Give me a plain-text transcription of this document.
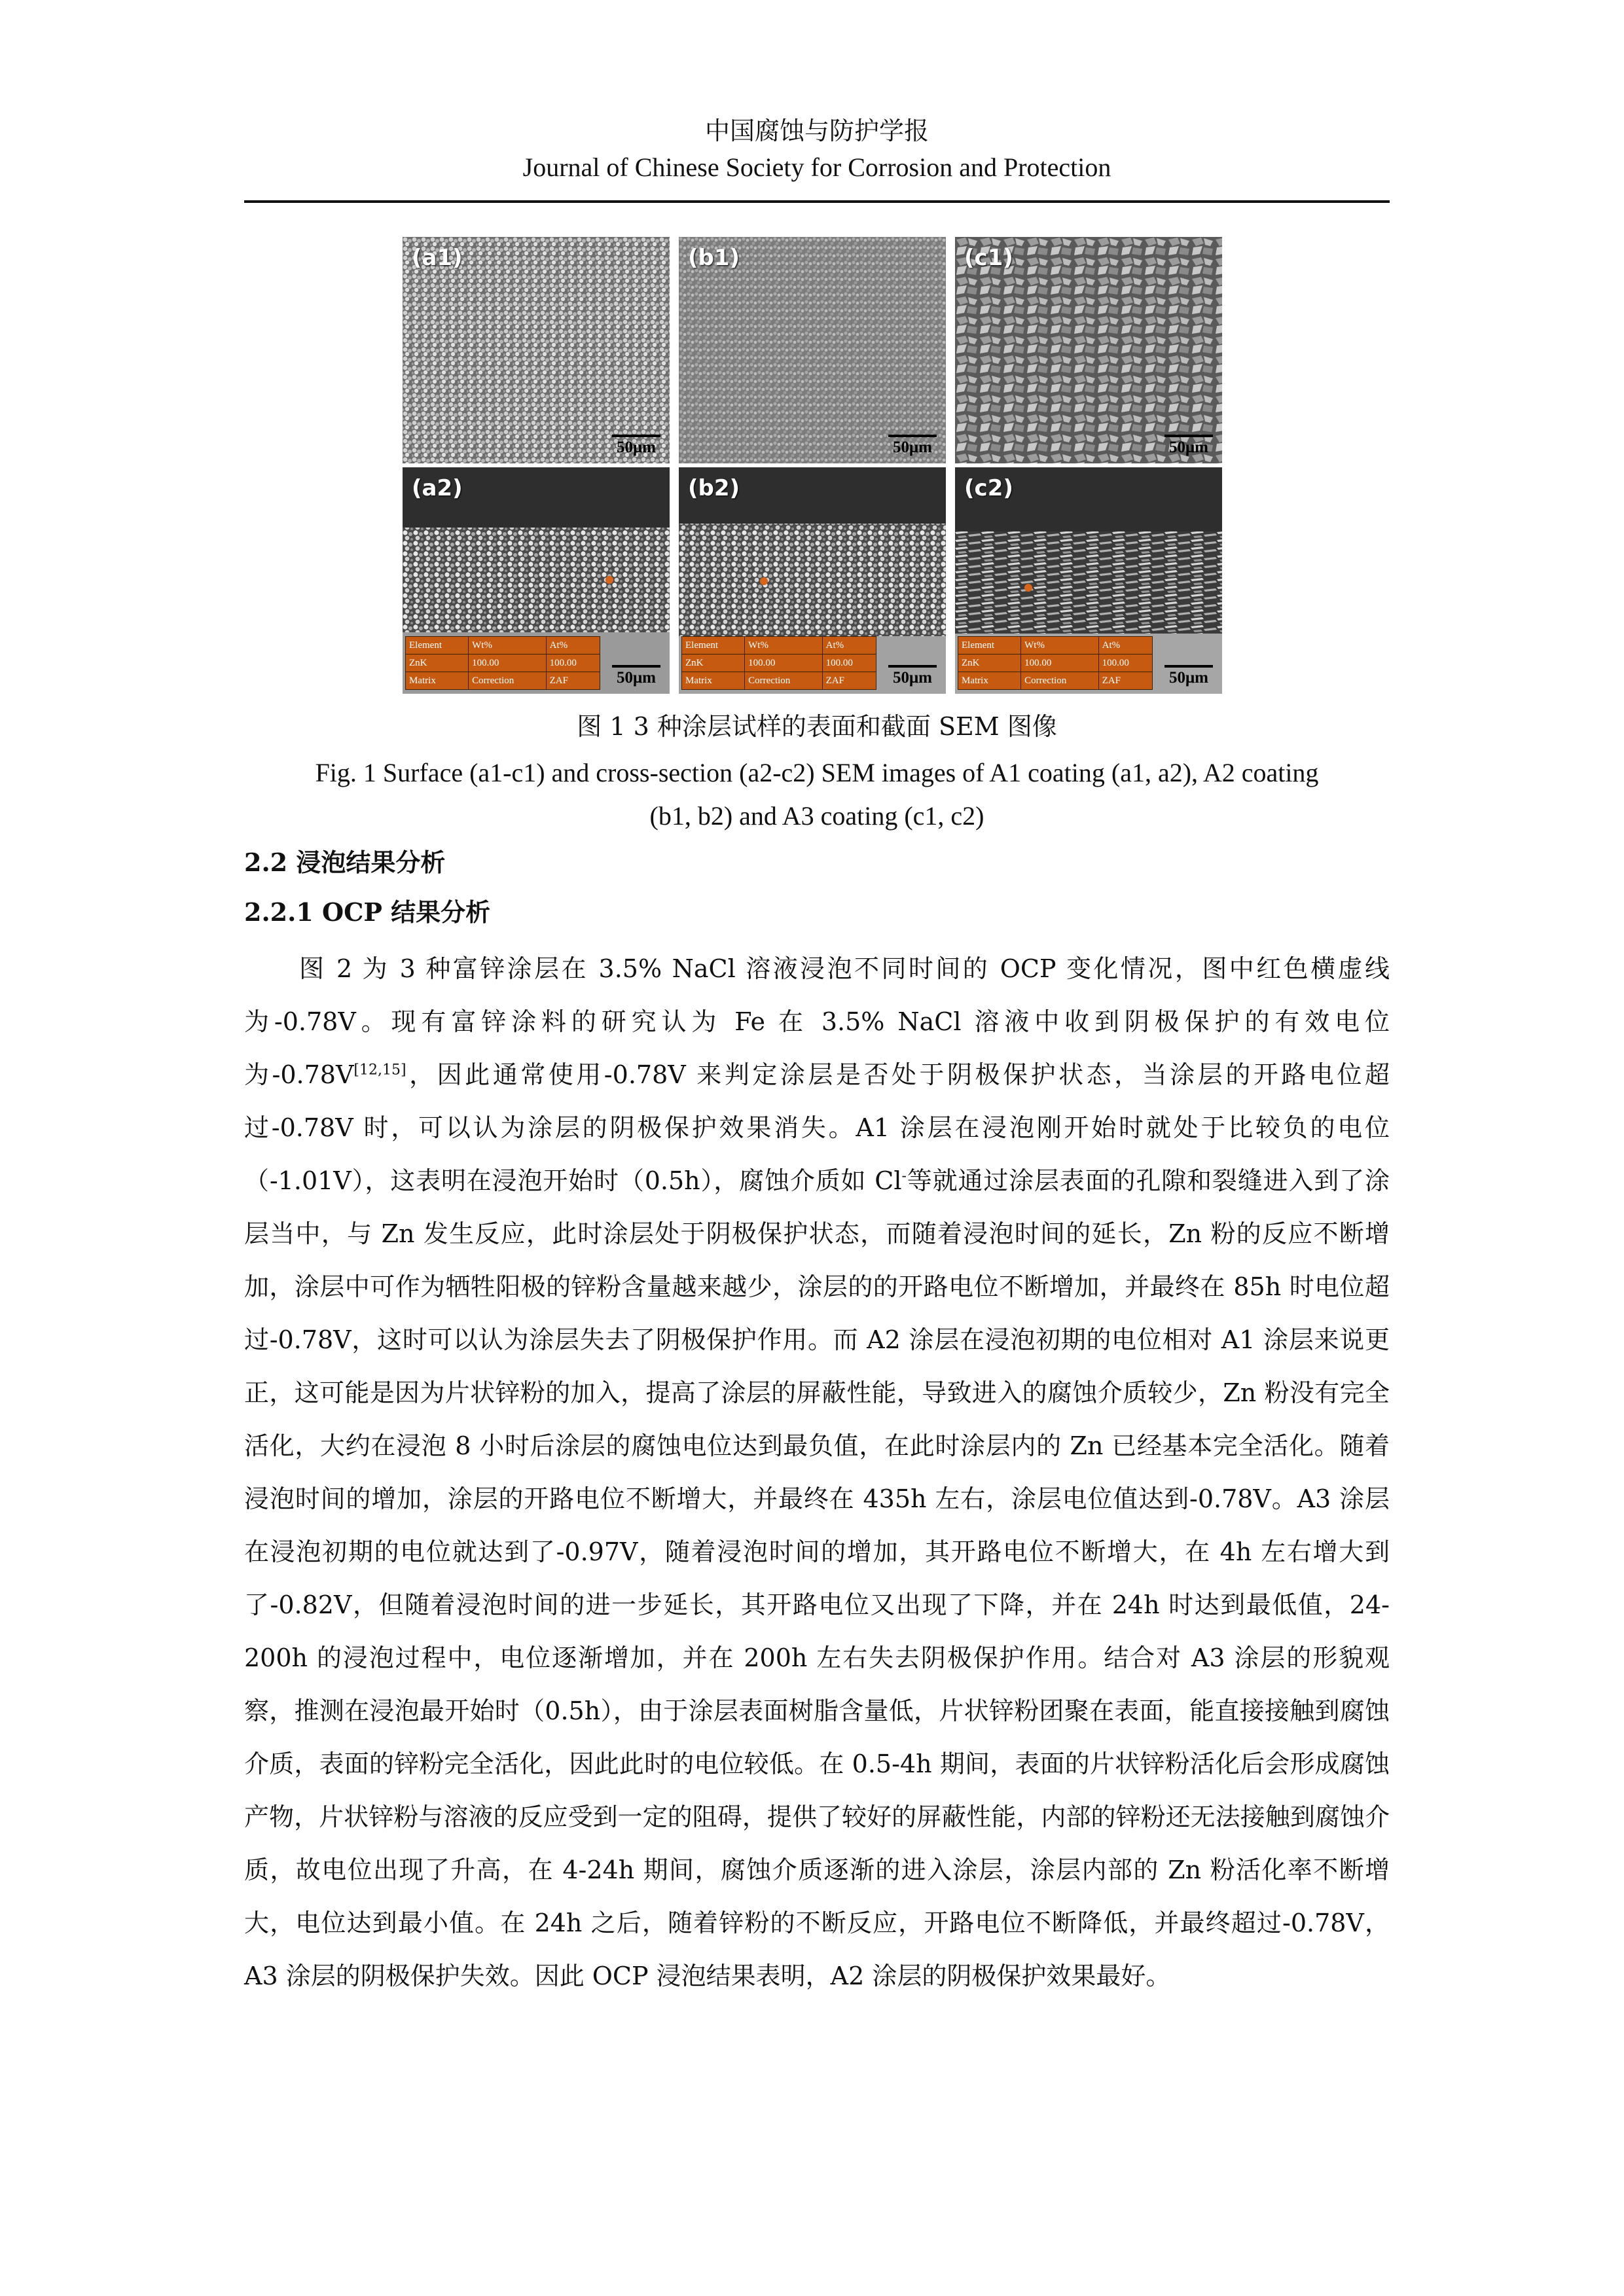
中国腐蚀与防护学报
Journal of Chinese Society for Corrosion and Protection
(a1)
50μm
(b1)
50μm
(c1)
50μm
(a2)
Element	Wt%	At%
ZnK	100.00	100.00
Matrix	Correction	ZAF	50μm
(b2)
Element	Wt%	At%
ZnK	100.00	100.00
Matrix	Correction	ZAF	50μm
(c2)
Element	Wt%	At%
ZnK	100.00	100.00
Matrix	Correction	ZAF	50μm
图 1 3 种涂层试样的表面和截面 SEM 图像
Fig. 1 Surface (a1-c1) and cross-section (a2-c2) SEM images of A1 coating (a1, a2), A2 coating
(b1, b2) and A3 coating (c1, c2)
2.2 浸泡结果分析
2.2.1 OCP 结果分析

图 2 为 3 种富锌涂层在 3.5% NaCl 溶液浸泡不同时间的 OCP 变化情况，图中红色横虚线为-0.78V。现有富锌涂料的研究认为 Fe 在 3.5% NaCl 溶液中收到阴极保护的有效电位为-0.78V[12,15]，因此通常使用-0.78V 来判定涂层是否处于阴极保护状态，当涂层的开路电位超过-0.78V 时，可以认为涂层的阴极保护效果消失。A1 涂层在浸泡刚开始时就处于比较负的电位（-1.01V），这表明在浸泡开始时（0.5h），腐蚀介质如 Cl-等就通过涂层表面的孔隙和裂缝进入到了涂层当中，与 Zn 发生反应，此时涂层处于阴极保护状态，而随着浸泡时间的延长，Zn 粉的反应不断增加，涂层中可作为牺牲阳极的锌粉含量越来越少，涂层的的开路电位不断增加，并最终在 85h 时电位超过-0.78V，这时可以认为涂层失去了阴极保护作用。而 A2 涂层在浸泡初期的电位相对 A1 涂层来说更正，这可能是因为片状锌粉的加入，提高了涂层的屏蔽性能，导致进入的腐蚀介质较少，Zn 粉没有完全活化，大约在浸泡 8 小时后涂层的腐蚀电位达到最负值，在此时涂层内的 Zn 已经基本完全活化。随着浸泡时间的增加，涂层的开路电位不断增大，并最终在 435h 左右，涂层电位值达到-0.78V。A3 涂层在浸泡初期的电位就达到了-0.97V，随着浸泡时间的增加，其开路电位不断增大，在 4h 左右增大到了-0.82V，但随着浸泡时间的进一步延长，其开路电位又出现了下降，并在 24h 时达到最低值，24-200h 的浸泡过程中，电位逐渐增加，并在 200h 左右失去阴极保护作用。结合对 A3 涂层的形貌观察，推测在浸泡最开始时（0.5h），由于涂层表面树脂含量低，片状锌粉团聚在表面，能直接接触到腐蚀介质，表面的锌粉完全活化，因此此时的电位较低。在 0.5-4h 期间，表面的片状锌粉活化后会形成腐蚀产物，片状锌粉与溶液的反应受到一定的阻碍，提供了较好的屏蔽性能，内部的锌粉还无法接触到腐蚀介质，故电位出现了升高，在 4-24h 期间，腐蚀介质逐渐的进入涂层，涂层内部的 Zn 粉活化率不断增大，电位达到最小值。在 24h 之后，随着锌粉的不断反应，开路电位不断降低，并最终超过-0.78V，A3 涂层的阴极保护失效。因此 OCP 浸泡结果表明，A2 涂层的阴极保护效果最好。
